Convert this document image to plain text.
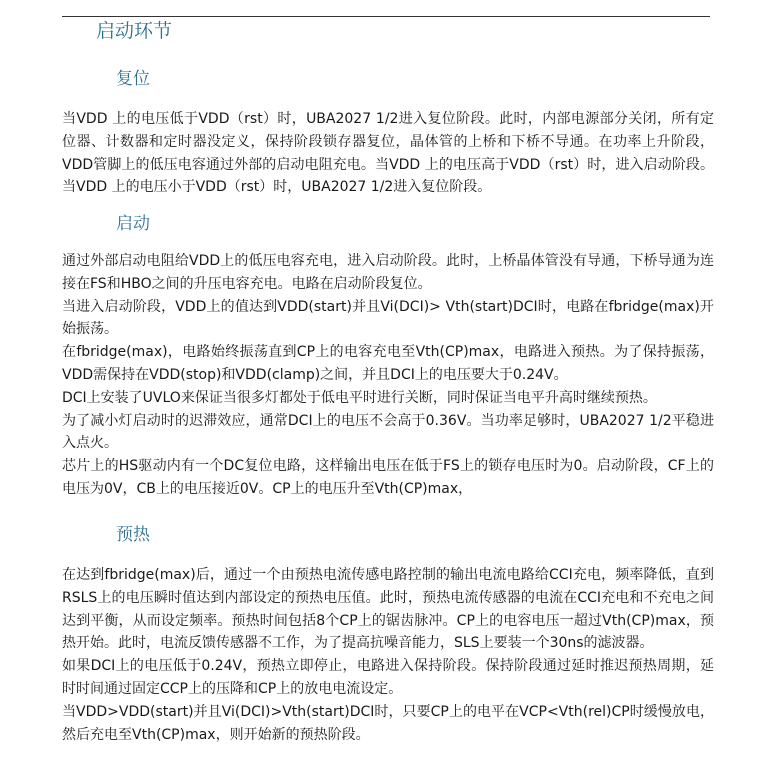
启动环节
复位

当VDD 上的电压低于VDD（rst）时，UBA2027 1/2进入复位阶段。此时，内部电源部分关闭，所有定位器、计数器和定时器没定义，保持阶段锁存器复位，晶体管的上桥和下桥不导通。在功率上升阶段，VDD管脚上的低压电容通过外部的启动电阻充电。当VDD 上的电压高于VDD（rst）时，进入启动阶段。当VDD 上的电压小于VDD（rst）时，UBA2027 1/2进入复位阶段。

启动

通过外部启动电阻给VDD上的低压电容充电，进入启动阶段。此时，上桥晶体管没有导通，下桥导通为连接在FS和HBO之间的升压电容充电。电路在启动阶段复位。

当进入启动阶段，VDD上的值达到VDD(start)并且Vi(DCI)> Vth(start)DCI时，电路在fbridge(max)开始振荡。

在fbridge(max)，电路始终振荡直到CP上的电容充电至Vth(CP)max，电路进入预热。为了保持振荡，VDD需保持在VDD(stop)和VDD(clamp)之间，并且DCI上的电压要大于0.24V。

DCI上安装了UVLO来保证当很多灯都处于低电平时进行关断，同时保证当电平升高时继续预热。

为了减小灯启动时的迟滞效应，通常DCI上的电压不会高于0.36V。当功率足够时，UBA2027 1/2平稳进入点火。

芯片上的HS驱动内有一个DC复位电路，这样输出电压在低于FS上的锁存电压时为0。启动阶段，CF上的电压为0V，CB上的电压接近0V。CP上的电压升至Vth(CP)max，

预热

在达到fbridge(max)后，通过一个由预热电流传感电路控制的输出电流电路给CCI充电，频率降低，直到RSLS上的电压瞬时值达到内部设定的预热电压值。此时，预热电流传感器的电流在CCI充电和不充电之间达到平衡，从而设定频率。预热时间包括8个CP上的锯齿脉冲。CP上的电容电压一超过Vth(CP)max，预热开始。此时，电流反馈传感器不工作，为了提高抗噪音能力，SLS上要装一个30ns的滤波器。

如果DCI上的电压低于0.24V，预热立即停止，电路进入保持阶段。保持阶段通过延时推迟预热周期，延时时间通过固定CCP上的压降和CP上的放电电流设定。

当VDD>VDD(start)并且Vi(DCI)>Vth(start)DCI时，只要CP上的电平在VCP<Vth(rel)CP时缓慢放电，然后充电至Vth(CP)max，则开始新的预热阶段。
